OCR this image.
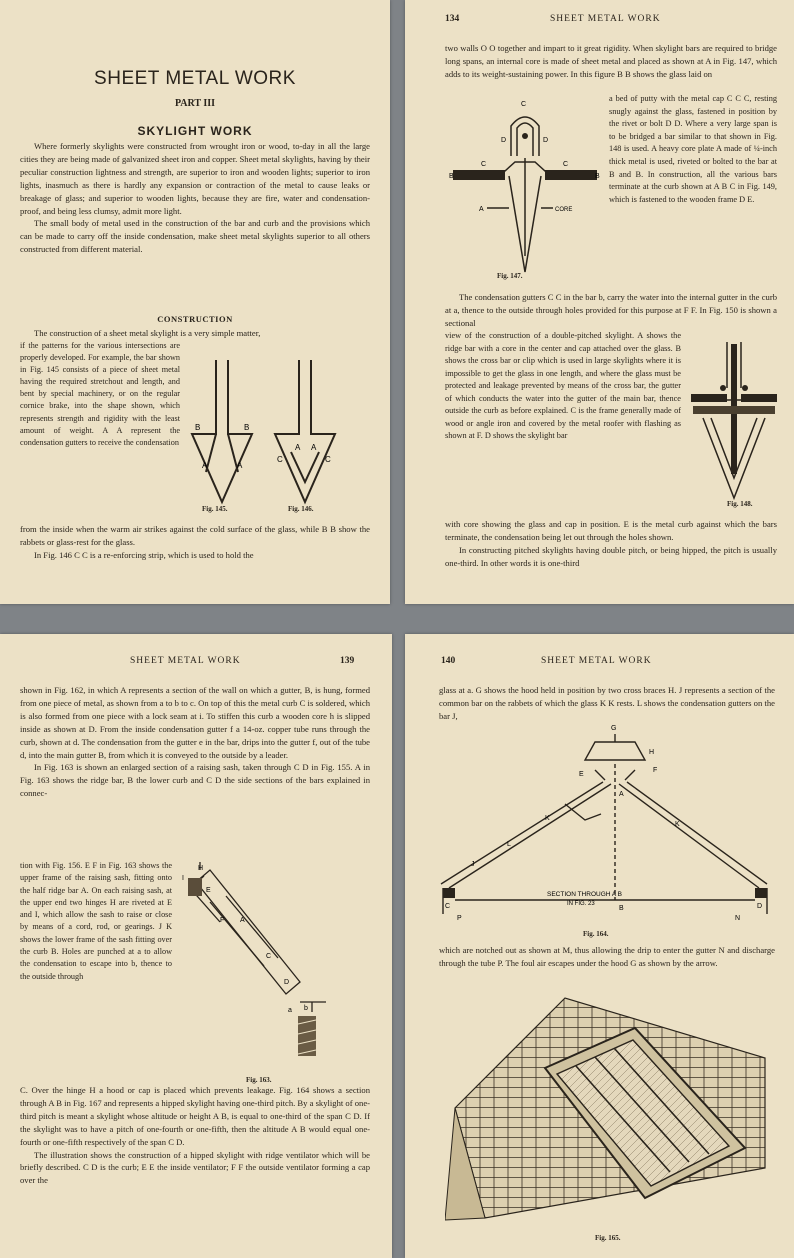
SHEET METAL WORK
PART III
SKYLIGHT WORK

Where formerly skylights were constructed from wrought iron or wood, to-day in all the large cities they are being made of galvanized sheet iron and copper. Sheet metal skylights, having by their peculiar construction lightness and strength, are superior to iron and wooden lights; superior to iron lights, inasmuch as there is hardly any expansion or contraction of the metal to cause leaks or breakage of glass; and superior to wooden lights, because they are fire, water and condensation-proof, and being less clumsy, admit more light.

The small body of metal used in the construction of the bar and curb and the provisions which can be made to carry off the inside condensation, make sheet metal skylights superior to all others constructed from different material.

CONSTRUCTION

The construction of a sheet metal skylight is a very simple matter,

if the patterns for the various intersections are properly developed. For example, the bar shown in Fig. 145 consists of a piece of sheet metal having the required stretchout and length, and bent by special machinery, or on the regular cornice brake, into the shape shown, which represents strength and rigidity with the least amount of weight. A A represent the condensation gutters to receive the condensation

from the inside when the warm air strikes against the cold surface of the glass, while B B show the rabbets or glass-rest for the glass.

In Fig. 146 C C is a re-enforcing strip, which is used to hold the

B	B
A	A
Fig. 145.
C	C
A A
Fig. 146.
134	SHEET METAL WORK

two walls O O together and impart to it great rigidity. When skylight bars are required to bridge long spans, an internal core is made of sheet metal and placed as shown at A in Fig. 147, which adds to its weight-sustaining power. In this figure B B shows the glass laid on

C
D	D
C	C
B	B
A	CORE
Fig. 147.

a bed of putty with the metal cap C C C, resting snugly against the glass, fastened in position by the rivet or bolt D D. Where a very large span is to be bridged a bar similar to that shown in Fig. 148 is used. A heavy core plate A made of ¼-inch thick metal is used, riveted or bolted to the bar at B and B. In construction, all the various bars terminate at the curb shown at A B C in Fig. 149, which is fastened to the wooden frame D E.

The condensation gutters C C in the bar b, carry the water into the internal gutter in the curb at a, thence to the outside through holes provided for this purpose at F F. In Fig. 150 is shown a sectional

view of the construction of a double-pitched skylight. A shows the ridge bar with a core in the center and cap attached over the glass. B shows the cross bar or clip which is used in large skylights where it is impossible to get the glass in one length, and where the glass must be protected and leakage prevented by means of the cross bar, the gutter of which conducts the water into the gutter of the main bar, thence outside the curb as before explained. C is the frame generally made of wood or angle iron and covered by the metal roofer with flashing as shown at F. D shows the skylight bar

Fig. 148.

with core showing the glass and cap in position. E is the metal curb against which the bars terminate, the condensation being let out through the holes shown.

In constructing pitched skylights having double pitch, or being hipped, the pitch is usually one-third. In other words it is one-third

SHEET METAL WORK	139

shown in Fig. 162, in which A represents a section of the wall on which a gutter, B, is hung, formed from one piece of metal, as shown from a to b to c. On top of this the metal curb C is soldered, which is also formed from one piece with a lock seam at i. To stiffen this curb a wooden core h is slipped inside as shown at D. From the inside condensation gutter f a 14-oz. copper tube runs through the curb, shown at d. The condensation from the gutter e in the bar, drips into the gutter f, out of the tube d, into the main gutter B, from which it is conveyed to the outside by a leader.

In Fig. 163 is shown an enlarged section of a raising sash, taken through C D in Fig. 155. A in Fig. 163 shows the ridge bar, B the lower curb and C D the side sections of the bars explained in connec-

tion with Fig. 156. E F in Fig. 163 shows the upper frame of the raising sash, fitting onto the half ridge bar A. On each raising sash, at the upper end two hinges H are riveted at E and I, which allow the sash to raise or close by means of a cord, rod, or gearings. J K shows the lower frame of the sash fitting over the curb B. Holes are punched at a to allow the condensation to escape into b, thence to the outside through

H
I
E
F A
C
D
b
a
Fig. 163.

C. Over the hinge H a hood or cap is placed which prevents leakage. Fig. 164 shows a section through A B in Fig. 167 and represents a hipped skylight having one-third pitch. By a skylight of one-third pitch is meant a skylight whose altitude or height A B, is equal to one-third of the span C D. If the skylight was to have a pitch of one-fourth or one-fifth, then the altitude A B would equal one-fourth or one-fifth respectively of the span C D.

The illustration shows the construction of a hipped skylight with ridge ventilator which will be briefly described. C D is the curb; E E the inside ventilator; F F the outside ventilator forming a cap over the

140	SHEET METAL WORK

glass at a. G shows the hood held in position by two cross braces H. J represents a section of the common bar on the rabbets of which the glass K K rests. L shows the condensation gutters on the bar J,

G
H
F
E
A
K
L
J
K
C	B	D
P	N
SECTION THROUGH A B
IN FIG. 23
Fig. 164.

which are notched out as shown at M, thus allowing the drip to enter the gutter N and discharge through the tube P. The foul air escapes under the hood G as shown by the arrow.

Fig. 165.
